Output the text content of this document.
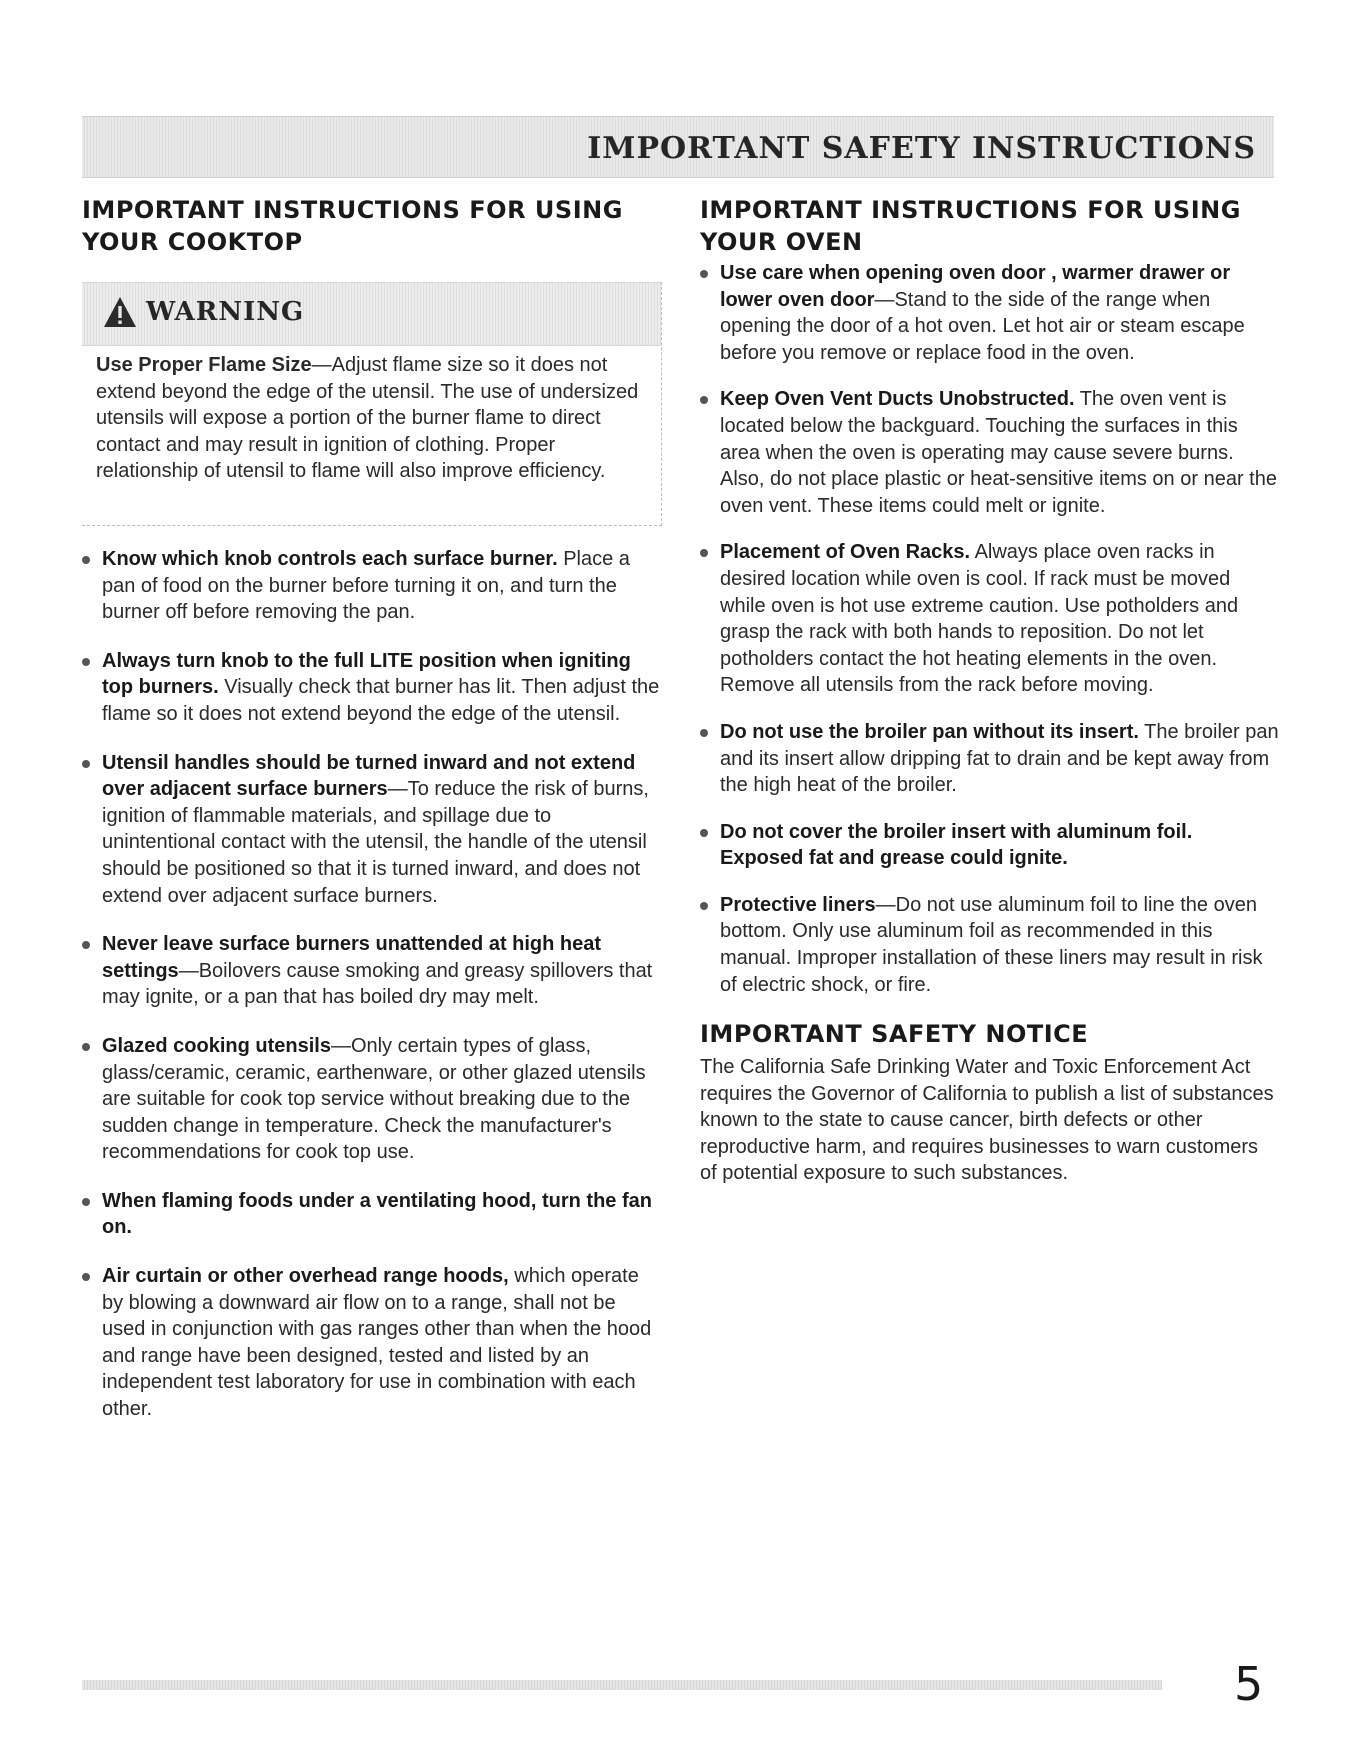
IMPORTANT SAFETY INSTRUCTIONS
IMPORTANT INSTRUCTIONS FOR USING YOUR COOKTOP
WARNING

Use Proper Flame Size—Adjust flame size so it does not extend beyond the edge of the utensil. The use of undersized utensils will expose a portion of the burner flame to direct contact and may result in ignition of clothing. Proper relationship of utensil to flame will also improve efficiency.

Know which knob controls each surface burner. Place a pan of food on the burner before turning it on, and turn the burner off before removing the pan.
Always turn knob to the full LITE position when igniting top burners. Visually check that burner has lit. Then adjust the flame so it does not extend beyond the edge of the utensil.
Utensil handles should be turned inward and not extend over adjacent surface burners—To reduce the risk of burns, ignition of flammable materials, and spillage due to unintentional contact with the utensil, the handle of the utensil should be positioned so that it is turned inward, and does not extend over adjacent surface burners.
Never leave surface burners unattended at high heat settings—Boilovers cause smoking and greasy spillovers that may ignite, or a pan that has boiled dry may melt.
Glazed cooking utensils—Only certain types of glass, glass/ceramic, ceramic, earthenware, or other glazed utensils are suitable for cook top service without breaking due to the sudden change in temperature. Check the manufacturer's recommendations for cook top use.
When flaming foods under a ventilating hood, turn the fan on.
Air curtain or other overhead range hoods, which operate by blowing a downward air flow on to a range, shall not be used in conjunction with gas ranges other than when the hood and range have been designed, tested and listed by an independent test laboratory for use in combination with each other.
IMPORTANT INSTRUCTIONS FOR USING YOUR OVEN
Use care when opening oven door , warmer drawer or lower oven door—Stand to the side of the range when opening the door of a hot oven. Let hot air or steam escape before you remove or replace food in the oven.
Keep Oven Vent Ducts Unobstructed. The oven vent is located below the backguard. Touching the surfaces in this area when the oven is operating may cause severe burns. Also, do not place plastic or heat-sensitive items on or near the oven vent. These items could melt or ignite.
Placement of Oven Racks. Always place oven racks in desired location while oven is cool. If rack must be moved while oven is hot use extreme caution. Use potholders and grasp the rack with both hands to reposition. Do not let potholders contact the hot heating elements in the oven. Remove all utensils from the rack before moving.
Do not use the broiler pan without its insert. The broiler pan and its insert allow dripping fat to drain and be kept away from the high heat of the broiler.
Do not cover the broiler insert with aluminum foil. Exposed fat and grease could ignite.
Protective liners—Do not use aluminum foil to line the oven bottom. Only use aluminum foil as recommended in this manual. Improper installation of these liners may result in risk of electric shock, or fire.
IMPORTANT SAFETY NOTICE

The California Safe Drinking Water and Toxic Enforcement Act requires the Governor of California to publish a list of substances known to the state to cause cancer, birth defects or other reproductive harm, and requires businesses to warn customers of potential exposure to such substances.

5
